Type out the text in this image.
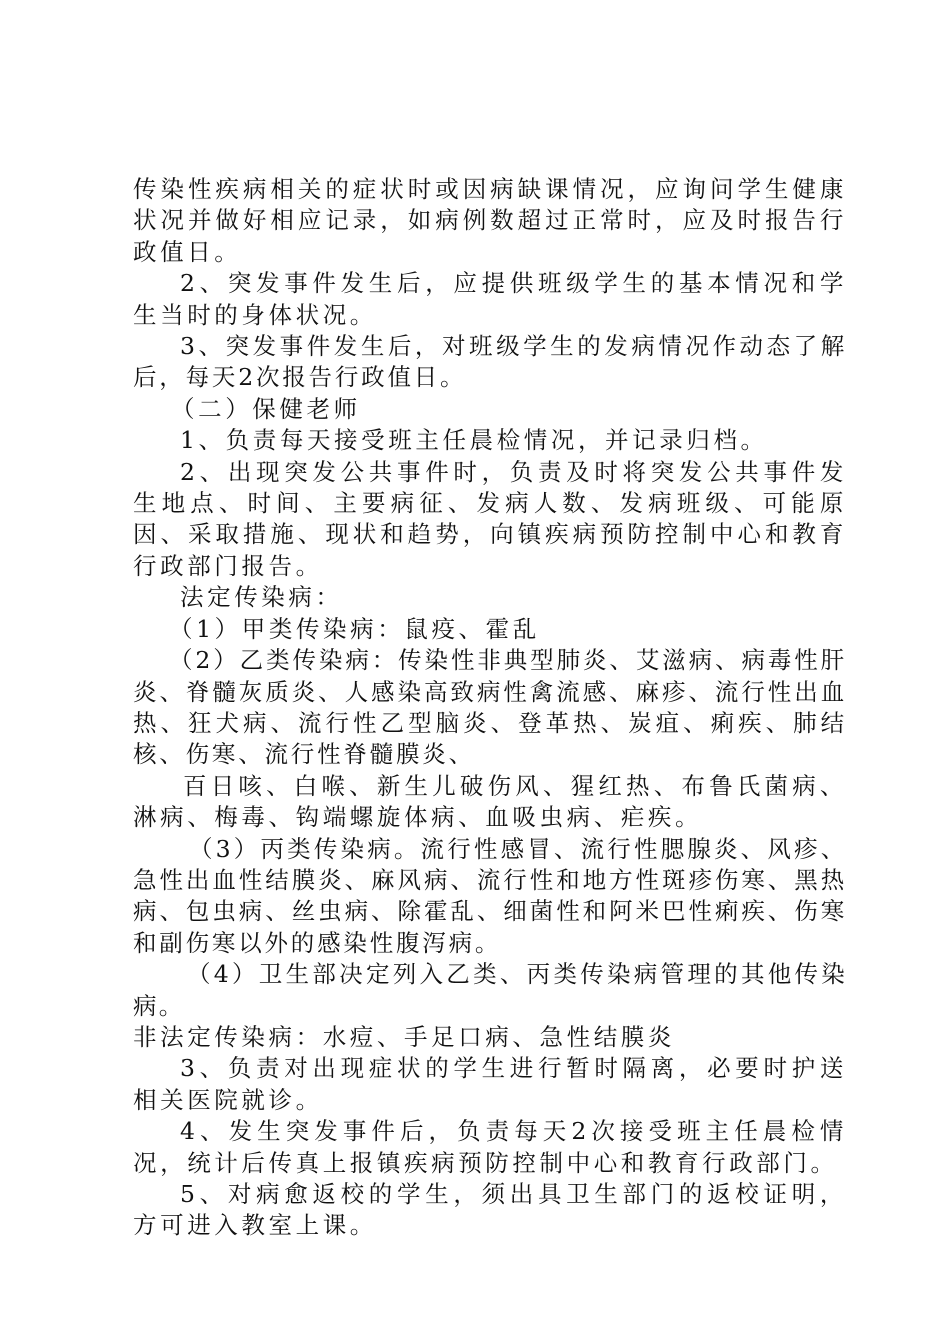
传染性疾病相关的症状时或因病缺课情况，应询问学生健康状况并做好相应记录，如病例数超过正常时，应及时报告行政值日。

2、突发事件发生后，应提供班级学生的基本情况和学生当时的身体状况。

3、突发事件发生后，对班级学生的发病情况作动态了解后，每天2次报告行政值日。

（二）保健老师

1、负责每天接受班主任晨检情况，并记录归档。

2、出现突发公共事件时，负责及时将突发公共事件发生地点、时间、主要病征、发病人数、发病班级、可能原因、采取措施、现状和趋势，向镇疾病预防控制中心和教育行政部门报告。

法定传染病：

（1）甲类传染病：鼠疫、霍乱

（2）乙类传染病：传染性非典型肺炎、艾滋病、病毒性肝炎、脊髓灰质炎、人感染高致病性禽流感、麻疹、流行性出血热、狂犬病、流行性乙型脑炎、登革热、炭疽、痢疾、肺结核、伤寒、流行性脊髓膜炎、

百日咳、白喉、新生儿破伤风、猩红热、布鲁氏菌病、淋病、梅毒、钩端螺旋体病、血吸虫病、疟疾。

（3）丙类传染病。流行性感冒、流行性腮腺炎、风疹、急性出血性结膜炎、麻风病、流行性和地方性斑疹伤寒、黑热病、包虫病、丝虫病、除霍乱、细菌性和阿米巴性痢疾、伤寒和副伤寒以外的感染性腹泻病。

（4）卫生部决定列入乙类、丙类传染病管理的其他传染病。

非法定传染病：水痘、手足口病、急性结膜炎

3、负责对出现症状的学生进行暂时隔离，必要时护送相关医院就诊。

4、发生突发事件后，负责每天2次接受班主任晨检情况，统计后传真上报镇疾病预防控制中心和教育行政部门。

5、对病愈返校的学生，须出具卫生部门的返校证明，方可进入教室上课。
